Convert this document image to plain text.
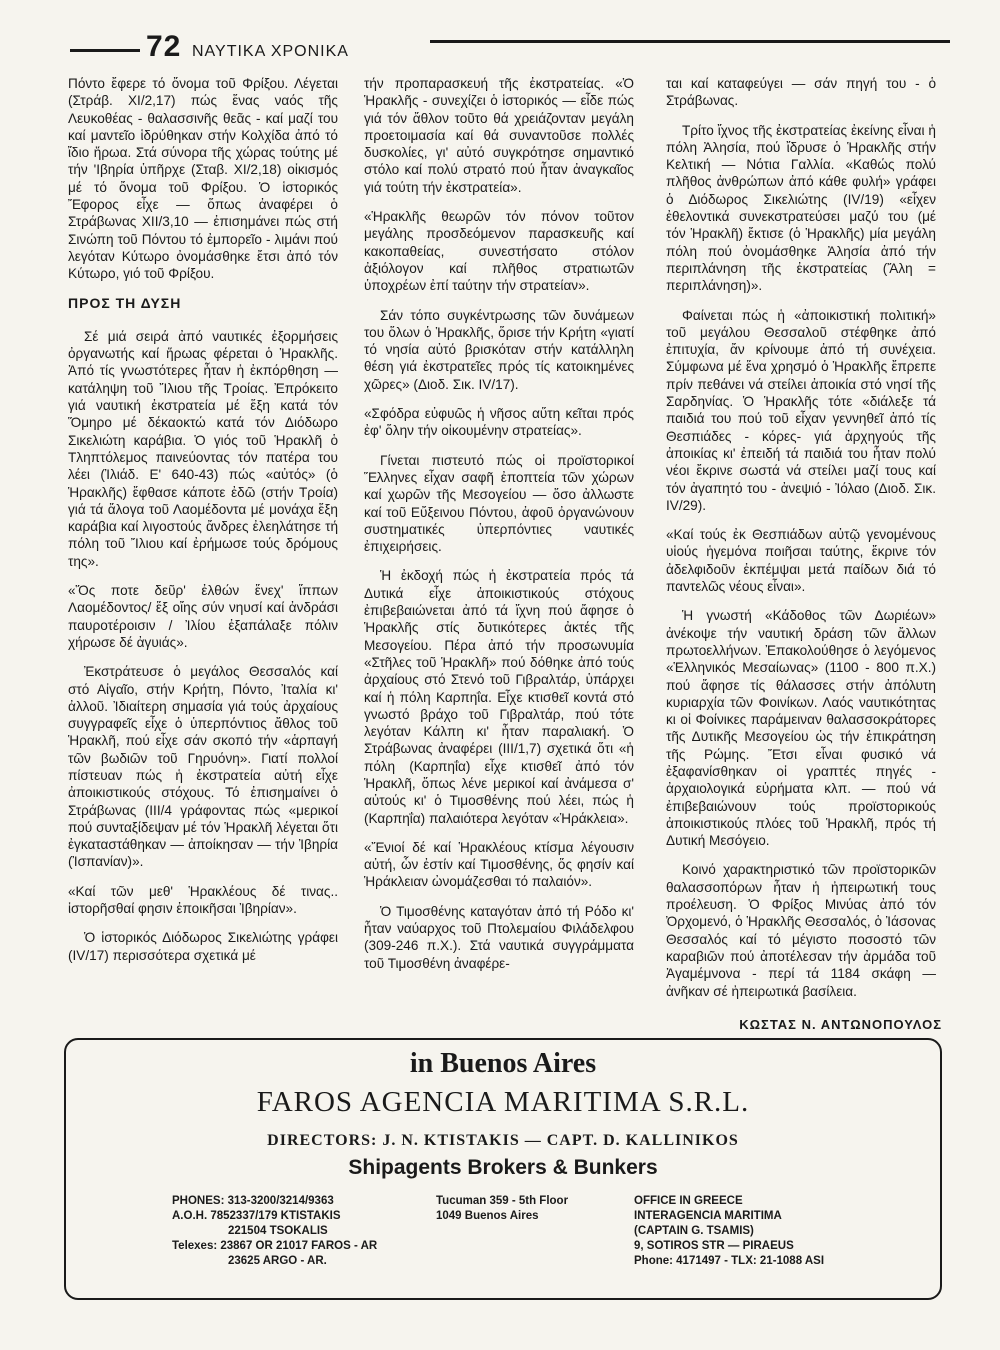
72 ΝΑΥΤΙΚΑ ΧΡΟΝΙΚΑ

Πόντο ἔφερε τό ὄνομα τοῦ Φρίξου. Λέγεται (Στράβ. XI/2,17) πώς ἕνας ναός τῆς Λευκοθέας - θαλασσινῆς θεᾶς - καί μαζί του καί μαντεῖο ἱδρύθηκαν στήν Κολχίδα ἀπό τό ἴδιο ἥρωα. Στά σύνορα τῆς χώρας τούτης μέ τήν 'Ιβηρία ὑπῆρχε (Σταβ. XI/2,18) οἰκισμός μέ τό ὄνομα τοῦ Φρίξου. Ὁ ἱστορικός Ἔφορος εἶχε — ὅπως ἀναφέρει ὁ Στράβωνας XII/3,10 — ἐπισημάνει πώς στή Σινώπη τοῦ Πόντου τό ἐμπορεῖο - λιμάνι πού λεγόταν Κύτωρο ὀνομάσθηκε ἔτσι ἀπό τόν Κύτωρο, γιό τοῦ Φρίξου.

ΠΡΟΣ ΤΗ ΔΥΣΗ

Σέ μιά σειρά ἀπό ναυτικές ἐξορμήσεις ὀργανωτής καί ἥρωας φέρεται ὁ Ἡρακλῆς. Ἀπό τίς γνωστότερες ἦταν ἡ ἐκπόρθηση — κατάληψη τοῦ Ἴλιου τῆς Τροίας. Ἐπρόκειτο γιά ναυτική ἐκστρατεία μέ ἕξη κατά τόν Ὅμηρο μέ δέκαοκτώ κατά τόν Διόδωρο Σικελιώτη καράβια. Ὁ γιός τοῦ Ἡρακλῆ ὁ Τληπτόλεμος παινεύοντας τόν πατέρα του λέει (Ἰλιάδ. Ε' 640-43) πώς «αὐτός» (ὁ Ἡρακλῆς) ἔφθασε κάποτε ἐδῶ (στήν Τροία) γιά τά ἄλογα τοῦ Λαομέδοντα μέ μονάχα ἕξη καράβια καί λιγοστούς ἄνδρες ἐλεηλάτησε τή πόλη τοῦ Ἴλιου καί ἐρήμωσε τούς δρόμους της».

«Ὅς ποτε δεῦρ' ἐλθών ἕνεχ' ἵππων Λαομέδοντος/ ἕξ οἴης σύν νηυσί καί ἀνδράσι παυροτέροισιν / Ἰλίου ἐξαπάλαξε πόλιν χήρωσε δέ ἀγυιάς».

Ἐκστράτευσε ὁ μεγάλος Θεσσαλός καί στό Αἰγαῖο, στήν Κρήτη, Πόντο, Ἰταλία κι' ἀλλοῦ. Ἰδιαίτερη σημασία γιά τούς ἀρχαίους συγγραφεῖς εἶχε ὁ ὑπερπόντιος ἄθλος τοῦ Ἡρακλῆ, πού εἶχε σάν σκοπό τήν «ἁρπαγή τῶν βωδιῶν τοῦ Γηρυόνη». Γιατί πολλοί πίστευαν πώς ἡ ἐκστρατεία αὐτή εἶχε ἀποικιστικούς στόχους. Τό ἐπισημαίνει ὁ Στράβωνας (III/4 γράφοντας πώς «μερικοί πού συνταξίδεψαν μέ τόν Ἡρακλῆ λέγεται ὅτι ἐγκαταστάθηκαν — ἀποίκησαν — τήν Ἰβηρία (Ἰσπανίαν)».

«Καί τῶν μεθ' Ἡρακλέους δέ τινας.. ἱστορῆσθαί φησιν ἐποικῆσαι Ἰβηρίαν».

Ὁ ἱστορικός Διόδωρος Σικελιώτης γράφει (IV/17) περισσότερα σχετικά μέ

τήν προπαρασκευή τῆς ἐκστρατείας. «Ὁ Ἡρακλῆς - συνεχίζει ὁ ἱστορικός — εἶδε πώς γιά τόν ἄθλον τοῦτο θά χρειάζονταν μεγάλη προετοιμασία καί θά συναντοῦσε πολλές δυσκολίες, γι' αὐτό συγκρότησε σημαντικό στόλο καί πολύ στρατό πού ἦταν ἀναγκαῖος γιά τούτη τήν ἐκστρατεία».

«Ἡρακλῆς θεωρῶν τόν πόνον τοῦτον μεγάλης προσδεόμενον παρασκευῆς καί κακοπαθείας, συνεστήσατο στόλον ἀξιόλογον καί πλῆθος στρατιωτῶν ὑποχρέων ἐπί ταύτην τήν στρατείαν».

Σάν τόπο συγκέντρωσης τῶν δυνάμεων του ὅλων ὁ Ἡρακλῆς, ὅρισε τήν Κρήτη «γιατί τό νησία αὐτό βρισκόταν στήν κατάλληλη θέση γιά ἐκστρατεῖες πρός τίς κατοικημένες χῶρες» (Διοδ. Σικ. IV/17).

«Σφόδρα εὐφυῶς ἡ νῆσος αὕτη κεῖται πρός ἐφ' ὅλην τήν οἰκουμένην στρατείας».

Γίνεται πιστευτό πώς οἱ προϊστορικοί Ἕλληνες εἶχαν σαφῆ ἐποπτεία τῶν χώρων καί χωρῶν τῆς Μεσογείου — ὅσο ἀλλωστε καί τοῦ Εὔξεινου Πόντου, ἀφοῦ ὀργανώνουν συστηματικές ὑπερπόντιες ναυτικές ἐπιχειρήσεις.

Ἡ ἐκδοχή πώς ἡ ἐκστρατεία πρός τά Δυτικά εἶχε ἀποικιστικούς στόχους ἐπιβεβαιώνεται ἀπό τά ἴχνη πού ἄφησε ὁ Ἡρακλῆς στίς δυτικότερες ἀκτές τῆς Μεσογείου. Πέρα ἀπό τήν προσωνυμία «Στῆλες τοῦ Ἡρακλῆ» πού δόθηκε ἀπό τούς ἀρχαίους στό Στενό τοῦ Γιβραλτάρ, ὑπάρχει καί ἡ πόλη Καρπηΐα. Εἶχε κτισθεῖ κοντά στό γνωστό βράχο τοῦ Γιβραλτάρ, πού τότε λεγόταν Κάλπη κι' ἦταν παραλιακή. Ὁ Στράβωνας ἀναφέρει (III/1,7) σχετικά ὅτι «ἡ πόλη (Καρπηΐα) εἶχε κτισθεῖ ἀπό τόν Ἡρακλῆ, ὅπως λένε μερικοί καί ἀνάμεσα σ' αὐτούς κι' ὁ Τιμοσθένης πού λέει, πώς ἡ (Καρπηΐα) παλαιότερα λεγόταν «Ἡράκλεια».

«Ἔνιοί δέ καί Ἡρακλέους κτίσμα λέγουσιν αὐτή, ὧν ἐστίν καί Τιμοσθένης, ὅς φησίν καί Ἡράκλειαν ὠνομάζεσθαι τό παλαιόν».

Ὁ Τιμοσθένης καταγόταν ἀπό τή Ρόδο κι' ἦταν ναύαρχος τοῦ Πτολεμαίου Φιλάδελφου (309-246 π.Χ.). Στά ναυτικά συγγράμματα τοῦ Τιμοσθένη ἀναφέρε-

ται καί καταφεύγει — σάν πηγή του - ὁ Στράβωνας.

Τρίτο ἴχνος τῆς ἐκστρατείας ἐκείνης εἶναι ἡ πόλη Ἀλησία, πού ἴδρυσε ὁ Ἡρακλῆς στήν Κελτική — Νότια Γαλλία. «Καθώς πολύ πλῆθος ἀνθρώπων ἀπό κάθε φυλή» γράφει ὁ Διόδωρος Σικελιώτης (IV/19) «εἶχεν ἐθελοντικά συνεκστρατεύσει μαζύ του (μέ τόν Ἡρακλῆ) ἔκτισε (ὁ Ἡρακλῆς) μία μεγάλη πόλη πού ὀνομάσθηκε Ἀλησία ἀπό τήν περιπλάνηση τῆς ἐκστρατείας (Ἄλη = περιπλάνηση)».

Φαίνεται πώς ἡ «ἀποικιστική πολιτική» τοῦ μεγάλου Θεσσαλοῦ στέφθηκε ἀπό ἐπιτυχία, ἄν κρίνουμε ἀπό τή συνέχεια. Σύμφωνα μέ ἕνα χρησμό ὁ Ἡρακλῆς ἔπρεπε πρίν πεθάνει νά στείλει ἀποικία στό νησί τῆς Σαρδηνίας. Ὁ Ἡρακλῆς τότε «διάλεξε τά παιδιά του πού τοῦ εἶχαν γεννηθεῖ ἀπό τίς Θεσπιάδες - κόρες- γιά ἀρχηγούς τῆς ἀποικίας κι' ἐπειδή τά παιδιά του ἦταν πολύ νέοι ἔκρινε σωστά νά στείλει μαζί τους καί τόν ἀγαπητό του - ἀνεψιό - Ἰόλαο (Διοδ. Σικ. IV/29).

«Καί τούς ἐκ Θεσπιάδων αὐτῷ γενομένους υἱούς ἡγεμόνα ποιῆσαι ταύτης, ἔκρινε τόν ἀδελφιδοῦν ἐκπέμψαι μετά παίδων διά τό παντελῶς νέους εἶναι».

Ἡ γνωστή «Κάδοθος τῶν Δωριέων» ἀνέκοψε τήν ναυτική δράση τῶν ἄλλων πρωτοελλήνων. Ἐπακολούθησε ὁ λεγόμενος «Ἑλληνικός Μεσαίωνας» (1100 - 800 π.Χ.) πού ἄφησε τίς θάλασσες στήν ἀπόλυτη κυριαρχία τῶν Φοινίκων. Λαός ναυτικότητας κι οἱ Φοίνικες παράμειναν θαλασσοκράτορες τῆς Δυτικῆς Μεσογείου ὡς τήν ἐπικράτηση τῆς Ρώμης. Ἔτσι εἶναι φυσικό νά ἐξαφανίσθηκαν οἱ γραπτές πηγές - ἀρχαιολογικά εὑρήματα κλπ. — πού νά ἐπιβεβαιώνουν τούς προϊστορικούς ἀποικιστικούς πλόες τοῦ Ἡρακλῆ, πρός τή Δυτική Μεσόγειο.

Κοινό χαρακτηριστικό τῶν προϊστορικῶν θαλασσοπόρων ἦταν ἡ ἠπειρωτική τους προέλευση. Ὁ Φρίξος Μινύας ἀπό τόν Ὀρχομενό, ὁ Ἡρακλῆς Θεσσαλός, ὁ Ἰάσονας Θεσσαλός καί τό μέγιστο ποσοστό τῶν καραβιῶν πού ἀποτέλεσαν τήν ἀρμάδα τοῦ Ἀγαμέμνονα - περί τά 1184 σκάφη — ἀνῆκαν σέ ἠπειρωτικά βασίλεια.

ΚΩΣΤΑΣ Ν. ΑΝΤΩΝΟΠΟΥΛΟΣ
in Buenos Aires
FAROS AGENCIA MARITIMA S.R.L.
DIRECTORS: J. N. KTISTAKIS — CAPT. D. KALLINIKOS
Shipagents Brokers & Bunkers
PHONES: 313-3200/3214/9363
A.O.H. 7852337/179 KTISTAKIS
221504 TSOKALIS
Telexes: 23867 OR 21017 FAROS - AR
23625 ARGO - AR.
Tucuman 359 - 5th Floor
1049 Buenos Aires
OFFICE IN GREECE
INTERAGENCIA MARITIMA
(CAPTAIN G. TSAMIS)
9, SOTIROS STR — PIRAEUS
Phone: 4171497 - TLX: 21-1088 ASI
